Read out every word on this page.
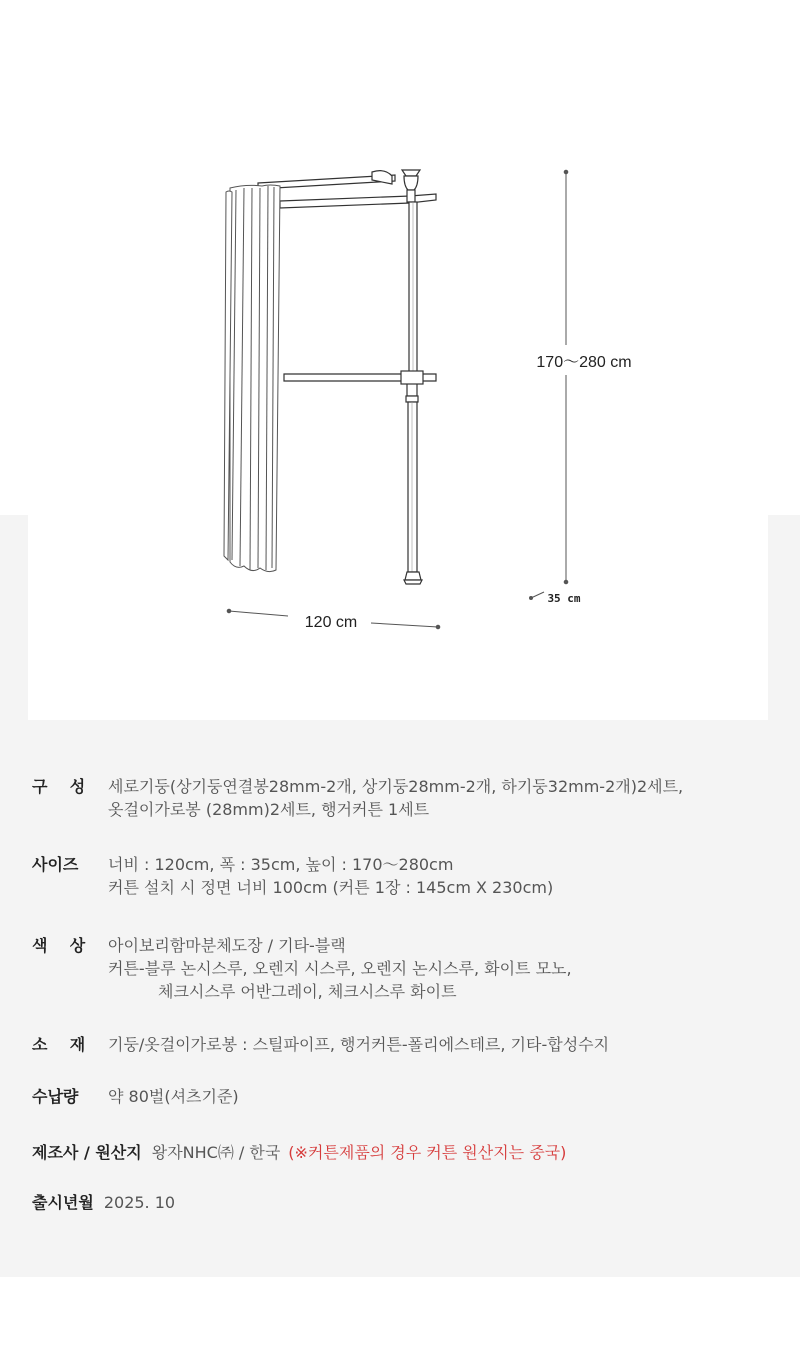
170～280 cm
35 cm
120 cm
구    성	세로기둥(상기둥연결봉28mm-2개, 상기둥28mm-2개, 하기둥32mm-2개)2세트,
옷걸이가로봉 (28mm)2세트, 행거커튼 1세트
사이즈	너비 : 120cm, 폭 : 35cm, 높이 : 170～280cm
커튼 설치 시 정면 너비 100cm (커튼 1장 : 145cm X 230cm)
색    상	아이보리함마분체도장 / 기타-블랙
커튼-블루 논시스루, 오렌지 시스루, 오렌지 논시스루, 화이트 모노,
체크시스루 어반그레이, 체크시스루 화이트
소    재	기둥/옷걸이가로봉 : 스틸파이프, 행거커튼-폴리에스테르, 기타-합성수지
수납량	약 80벌(셔츠기준)
제조사 / 원산지 왕자NHC㈜ / 한국 (※커튼제품의 경우 커튼 원산지는 중국)
출시년월 2025. 10
